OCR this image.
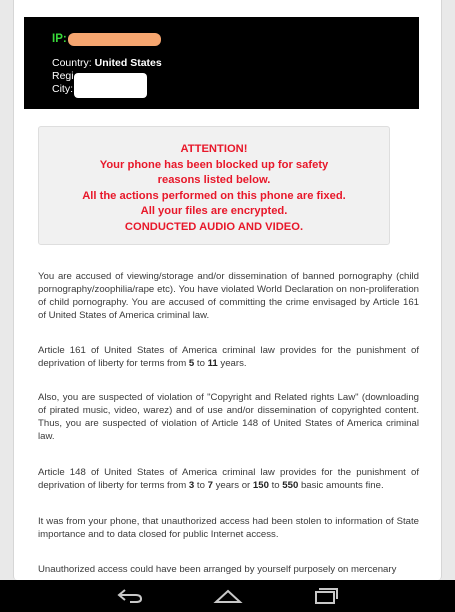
IP:
Country: United States
Regi
City:
ATTENTION!
Your phone has been blocked up for safety reasons listed below.
All the actions performed on this phone are fixed.
All your files are encrypted.
CONDUCTED AUDIO AND VIDEO.

You are accused of viewing/storage and/or dissemination of banned pornography (child pornography/zoophilia/rape etc). You have violated World Declaration on non-proliferation of child pornography. You are accused of committing the crime envisaged by Article 161 of United States of America criminal law.

Article 161 of United States of America criminal law provides for the punishment of deprivation of liberty for terms from 5 to 11 years.

Also, you are suspected of violation of "Copyright and Related rights Law" (downloading of pirated music, video, warez) and of use and/or dissemination of copyrighted content. Thus, you are suspected of violation of Article 148 of United States of America criminal law.

Article 148 of United States of America criminal law provides for the punishment of deprivation of liberty for terms from 3 to 7 years or 150 to 550 basic amounts fine.

It was from your phone, that unauthorized access had been stolen to information of State importance and to data closed for public Internet access.

Unauthorized access could have been arranged by yourself purposely on mercenary
